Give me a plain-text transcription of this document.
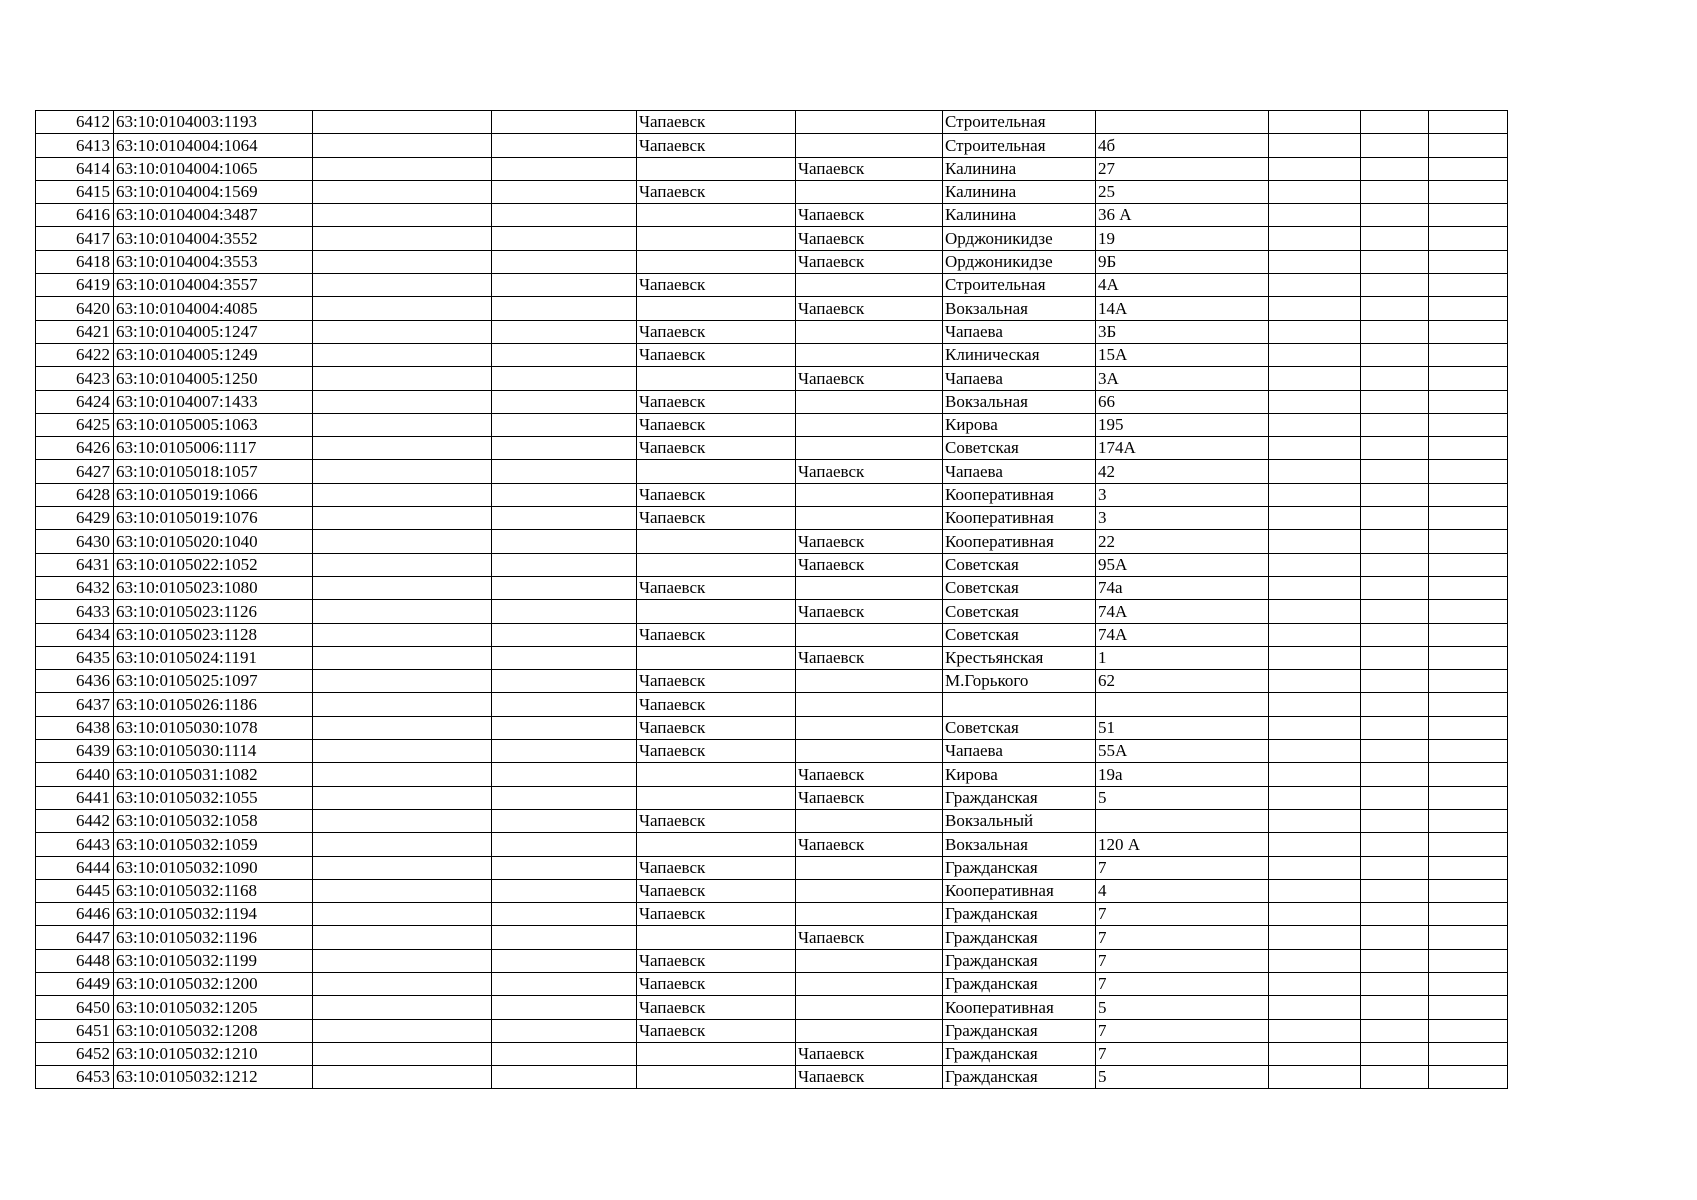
6412	63:10:0104003:1193			Чапаевск		Строительная				
6413	63:10:0104004:1064			Чапаевск		Строительная	4б			
6414	63:10:0104004:1065				Чапаевск	Калинина	27			
6415	63:10:0104004:1569			Чапаевск		Калинина	25			
6416	63:10:0104004:3487				Чапаевск	Калинина	36 А			
6417	63:10:0104004:3552				Чапаевск	Орджоникидзе	19			
6418	63:10:0104004:3553				Чапаевск	Орджоникидзе	9Б			
6419	63:10:0104004:3557			Чапаевск		Строительная	4А			
6420	63:10:0104004:4085				Чапаевск	Вокзальная	14А			
6421	63:10:0104005:1247			Чапаевск		Чапаева	3Б			
6422	63:10:0104005:1249			Чапаевск		Клиническая	15А			
6423	63:10:0104005:1250				Чапаевск	Чапаева	3А			
6424	63:10:0104007:1433			Чапаевск		Вокзальная	66			
6425	63:10:0105005:1063			Чапаевск		Кирова	195			
6426	63:10:0105006:1117			Чапаевск		Советская	174А			
6427	63:10:0105018:1057				Чапаевск	Чапаева	42			
6428	63:10:0105019:1066			Чапаевск		Кооперативная	3			
6429	63:10:0105019:1076			Чапаевск		Кооперативная	3			
6430	63:10:0105020:1040				Чапаевск	Кооперативная	22			
6431	63:10:0105022:1052				Чапаевск	Советская	95А			
6432	63:10:0105023:1080			Чапаевск		Советская	74а			
6433	63:10:0105023:1126				Чапаевск	Советская	74А			
6434	63:10:0105023:1128			Чапаевск		Советская	74А			
6435	63:10:0105024:1191				Чапаевск	Крестьянская	1			
6436	63:10:0105025:1097			Чапаевск		М.Горького	62			
6437	63:10:0105026:1186			Чапаевск						
6438	63:10:0105030:1078			Чапаевск		Советская	51			
6439	63:10:0105030:1114			Чапаевск		Чапаева	55А			
6440	63:10:0105031:1082				Чапаевск	Кирова	19а			
6441	63:10:0105032:1055				Чапаевск	Гражданская	5			
6442	63:10:0105032:1058			Чапаевск		Вокзальный				
6443	63:10:0105032:1059				Чапаевск	Вокзальная	120 А			
6444	63:10:0105032:1090			Чапаевск		Гражданская	7			
6445	63:10:0105032:1168			Чапаевск		Кооперативная	4			
6446	63:10:0105032:1194			Чапаевск		Гражданская	7			
6447	63:10:0105032:1196				Чапаевск	Гражданская	7			
6448	63:10:0105032:1199			Чапаевск		Гражданская	7			
6449	63:10:0105032:1200			Чапаевск		Гражданская	7			
6450	63:10:0105032:1205			Чапаевск		Кооперативная	5			
6451	63:10:0105032:1208			Чапаевск		Гражданская	7			
6452	63:10:0105032:1210				Чапаевск	Гражданская	7			
6453	63:10:0105032:1212				Чапаевск	Гражданская	5			
